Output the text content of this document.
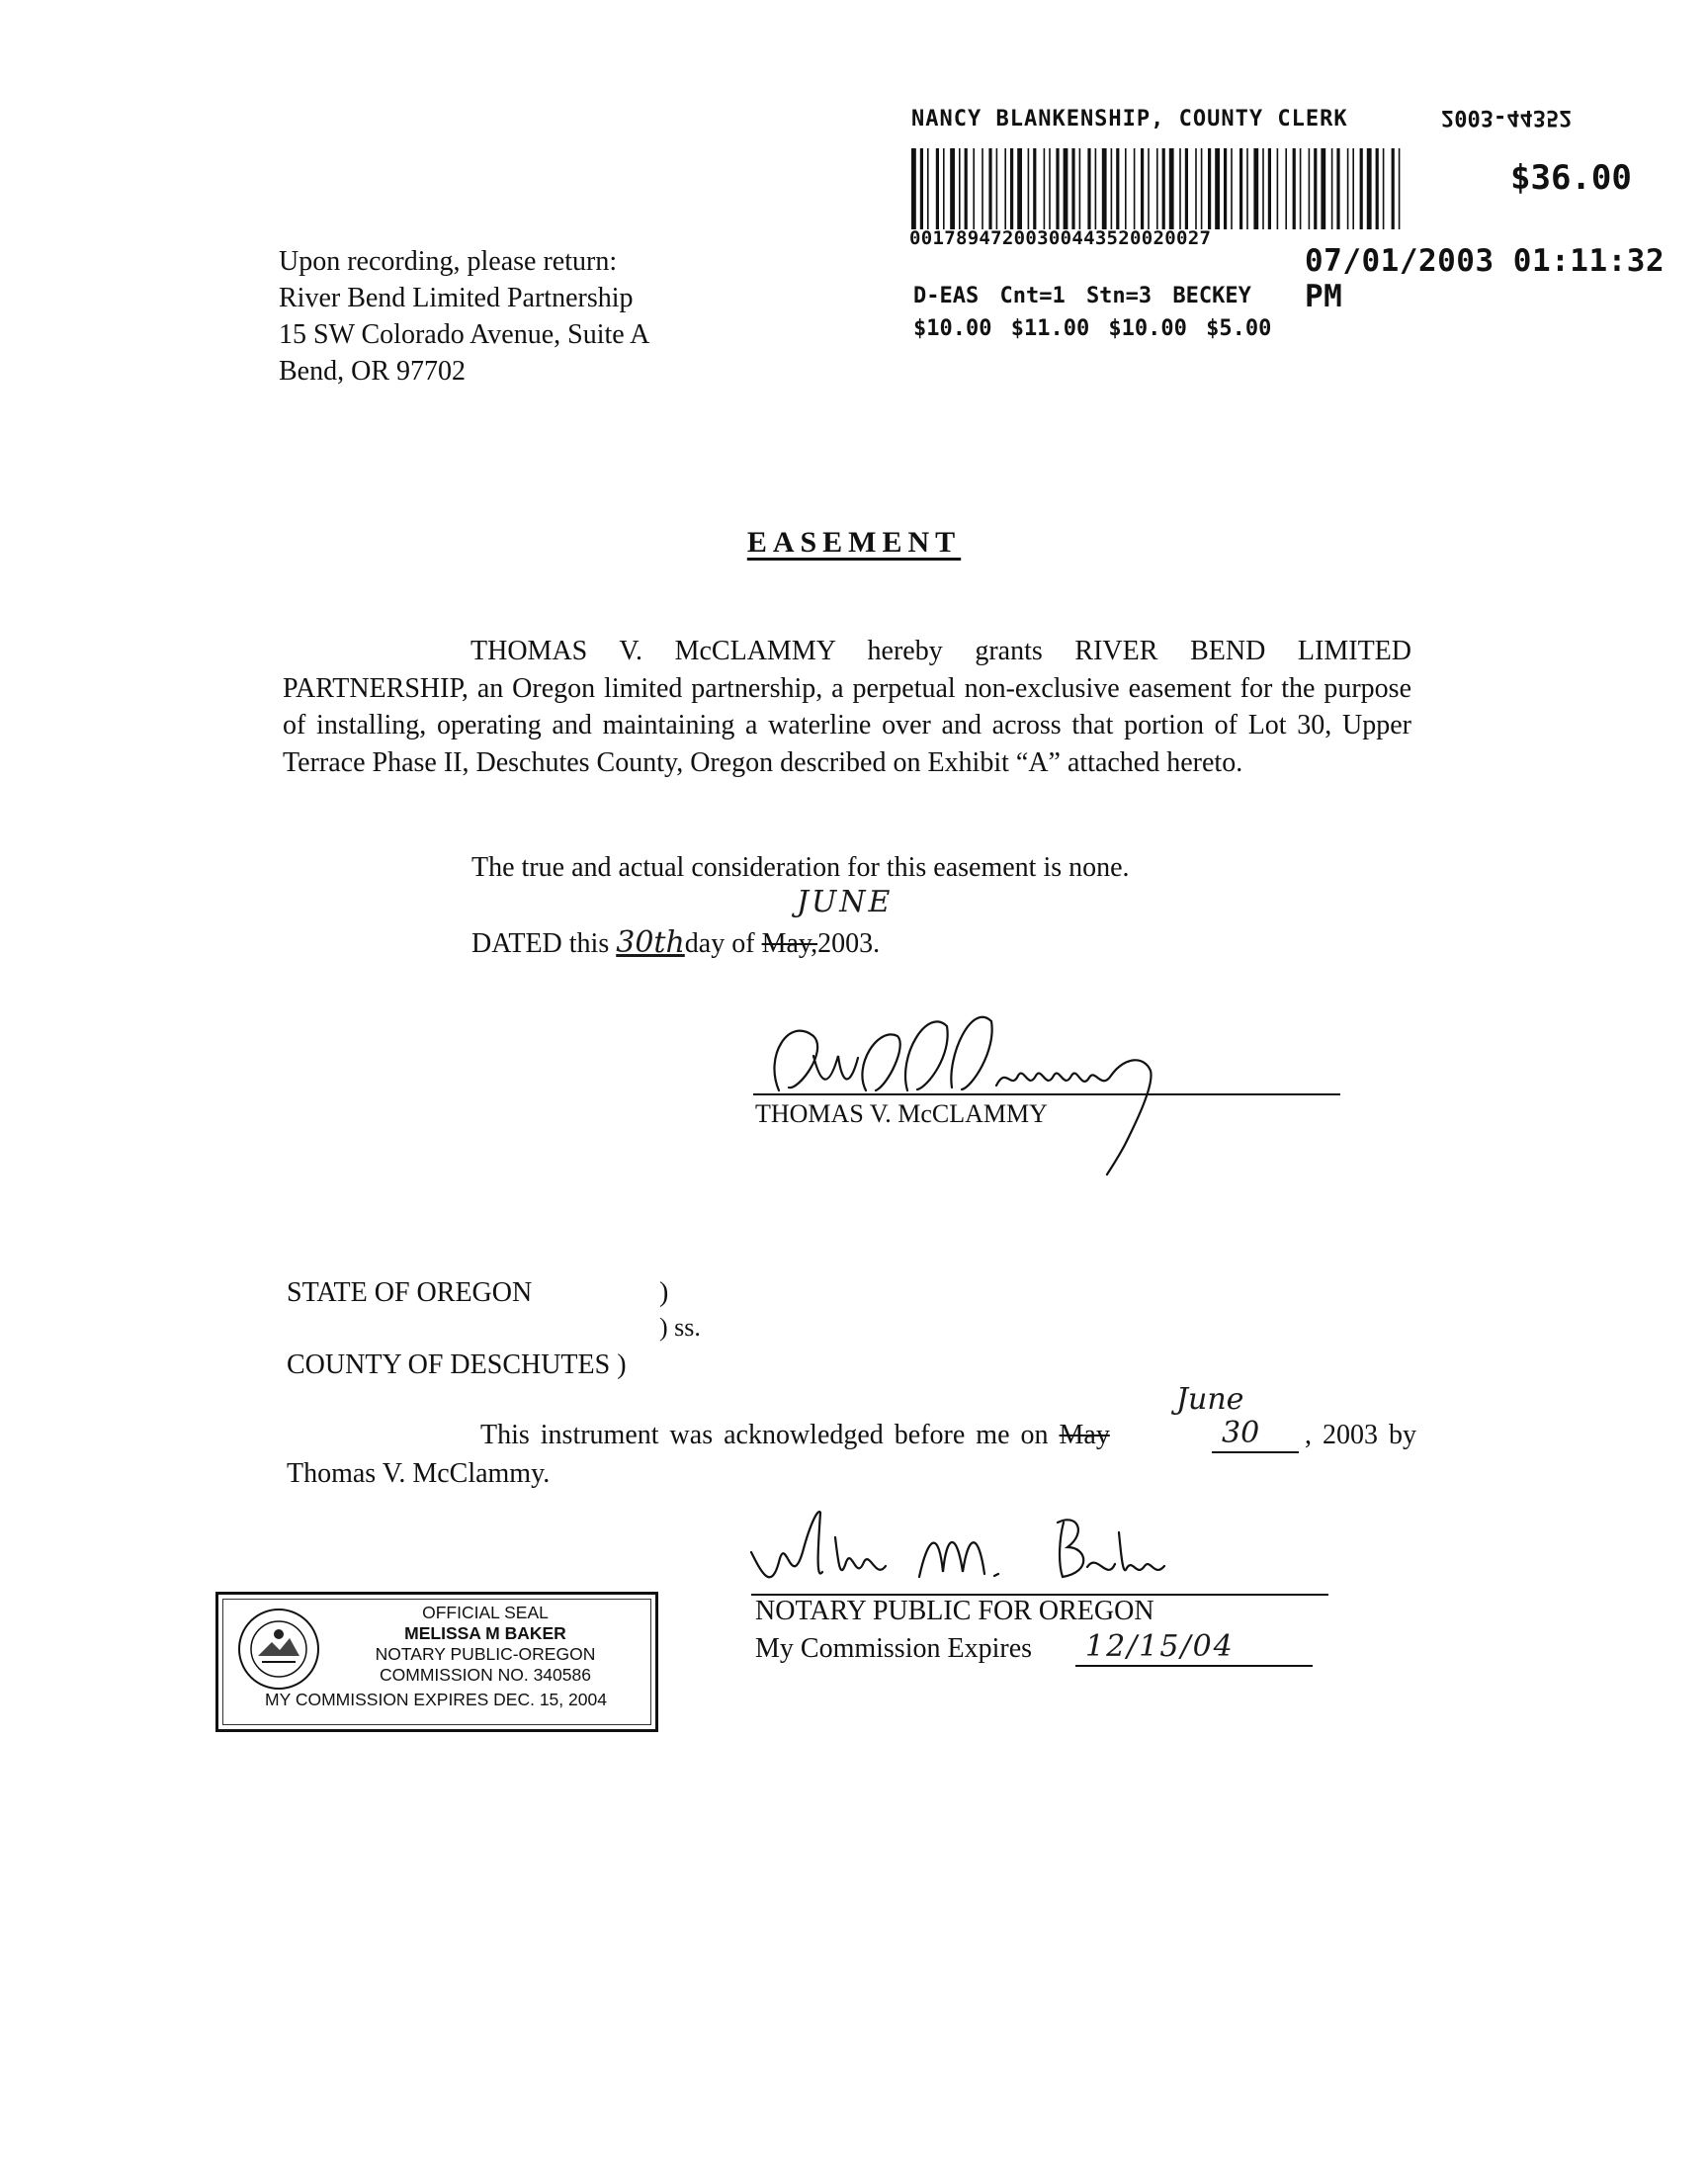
NANCY BLANKENSHIP, COUNTY CLERK	2003-44352
00178947200300443520020027
$36.00
07/01/2003 01:11:32 PM
D-EAS Cnt=1 Stn=3 BECKEY
$10.00 $11.00 $10.00 $5.00
Upon recording, please return:
River Bend Limited Partnership
15 SW Colorado Avenue, Suite A
Bend, OR 97702
EASEMENT

THOMAS V. McCLAMMY hereby grants RIVER BEND LIMITED PARTNERSHIP, an Oregon limited partnership, a perpetual non-exclusive easement for the purpose of installing, operating and maintaining a waterline over and across that portion of Lot 30, Upper Terrace Phase II, Deschutes County, Oregon described on Exhibit “A” attached hereto.

The true and actual consideration for this easement is none.
JUNE
DATED this 30thday of May,2003.
THOMAS V. McCLAMMY
STATE OF OREGON	)
) ss.
COUNTY OF DESCHUTES )
June
This instrument was acknowledged before me on May	30 , 2003 by
Thomas V. McClammy.
NOTARY PUBLIC FOR OREGON
My Commission Expires 12/15/04
OFFICIAL SEAL
MELISSA M BAKER
NOTARY PUBLIC-OREGON
COMMISSION NO. 340586
MY COMMISSION EXPIRES DEC. 15, 2004
